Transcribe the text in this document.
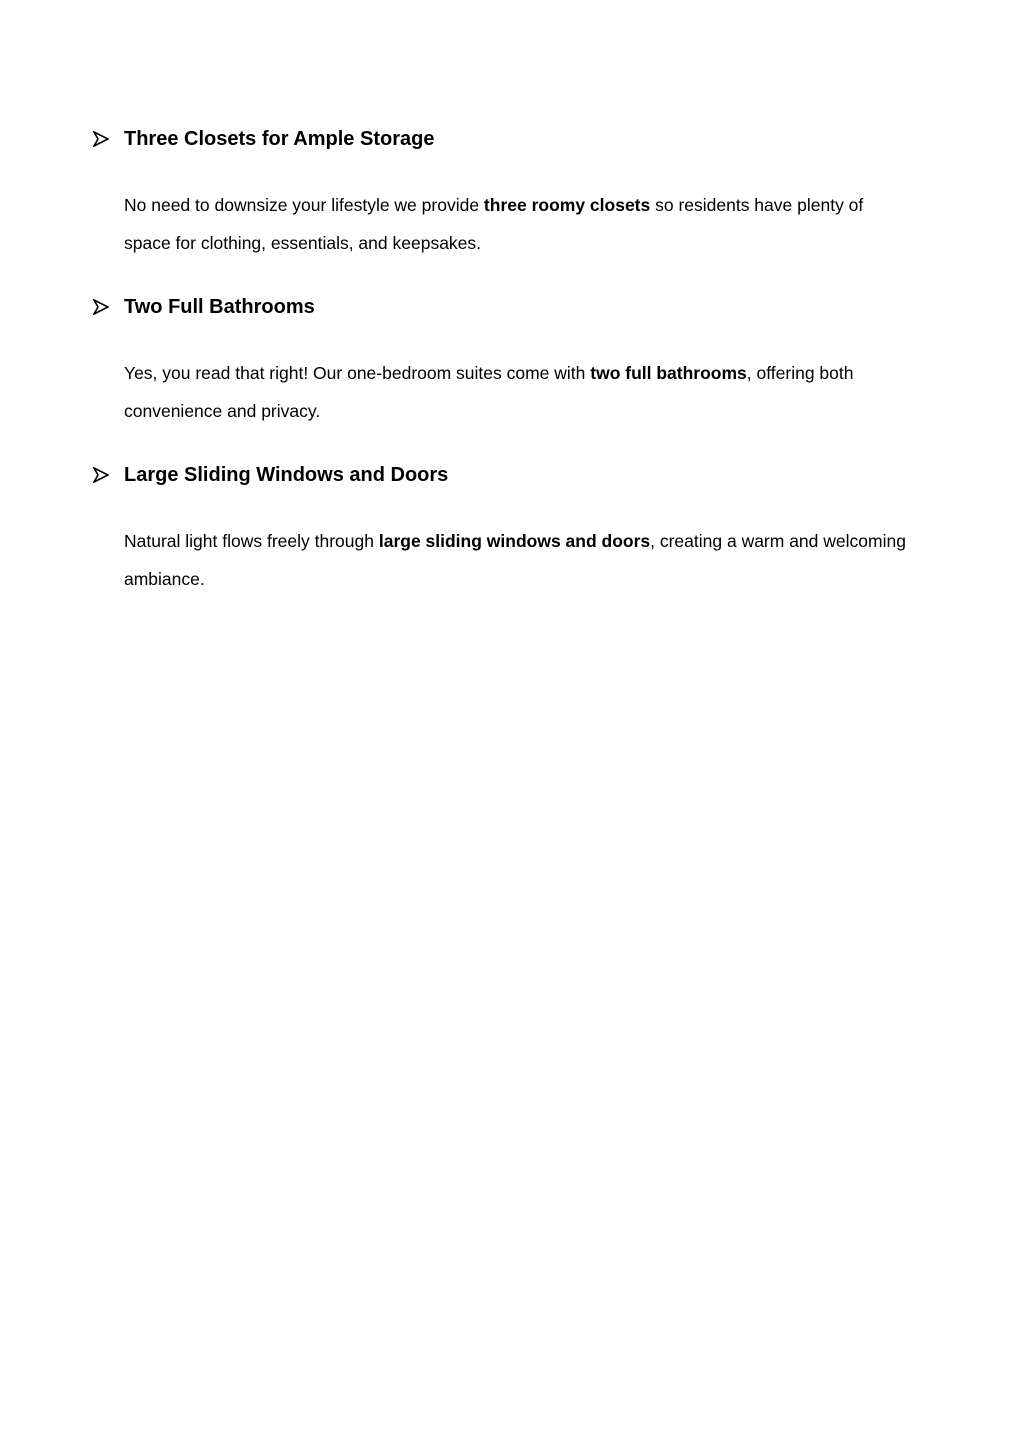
Three Closets for Ample Storage

No need to downsize your lifestyle we provide three roomy closets so residents have plenty of space for clothing, essentials, and keepsakes.

Two Full Bathrooms

Yes, you read that right! Our one-bedroom suites come with two full bathrooms, offering both convenience and privacy.

Large Sliding Windows and Doors

Natural light flows freely through large sliding windows and doors, creating a warm and welcoming ambiance.
